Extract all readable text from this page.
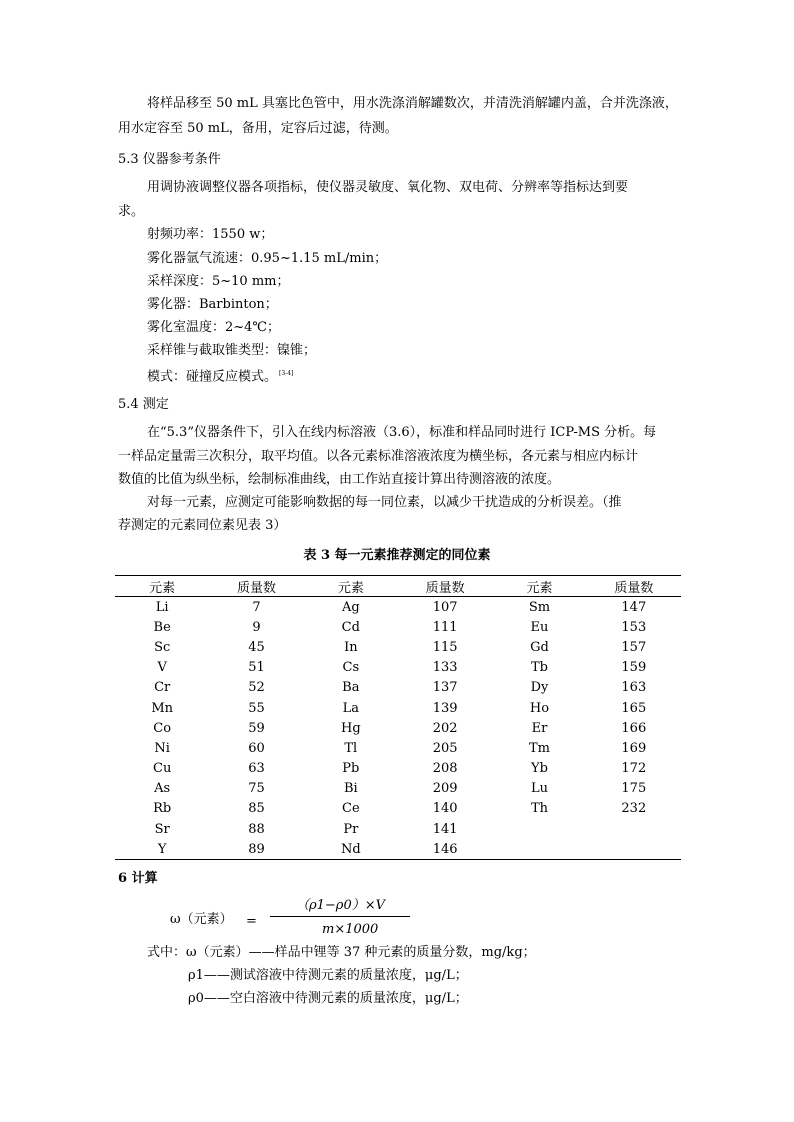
将样品移至 50 mL 具塞比色管中，用水洗涤消解罐数次，并清洗消解罐内盖，合并洗涤液，
用水定容至 50 mL，备用，定容后过滤，待测。
5.3 仪器参考条件
用调协液调整仪器各项指标，使仪器灵敏度、氧化物、双电荷、分辨率等指标达到要
求。
射频功率：1550 w；
雾化器氩气流速：0.95~1.15 mL/min；
采样深度：5~10 mm；
雾化器：Barbinton；
雾化室温度：2~4℃；
采样锥与截取锥类型：镍锥；
模式：碰撞反应模式。 [3-4]
5.4 测定
在“5.3”仪器条件下，引入在线内标溶液（3.6），标准和样品同时进行 ICP-MS 分析。每
一样品定量需三次积分，取平均值。以各元素标准溶液浓度为横坐标，各元素与相应内标计
数值的比值为纵坐标，绘制标准曲线，由工作站直接计算出待测溶液的浓度。
对每一元素，应测定可能影响数据的每一同位素，以减少干扰造成的分析误差。（推
荐测定的元素同位素见表 3）
表 3 每一元素推荐测定的同位素
元素	质量数	元素	质量数	元素	质量数
Li	7	Ag	107	Sm	147
Be	9	Cd	111	Eu	153
Sc	45	In	115	Gd	157
V	51	Cs	133	Tb	159
Cr	52	Ba	137	Dy	163
Mn	55	La	139	Ho	165
Co	59	Hg	202	Er	166
Ni	60	Tl	205	Tm	169
Cu	63	Pb	208	Yb	172
As	75	Bi	209	Lu	175
Rb	85	Ce	140	Th	232
Sr	88	Pr	141		
Y	89	Nd	146		
6 计算
ω（元素） =
（ρ1−ρ0）×V
m×1000
式中：ω（元素）——样品中锂等 37 种元素的质量分数，mg/kg；
ρ1——测试溶液中待测元素的质量浓度，μg/L；
ρ0——空白溶液中待测元素的质量浓度，μg/L；
